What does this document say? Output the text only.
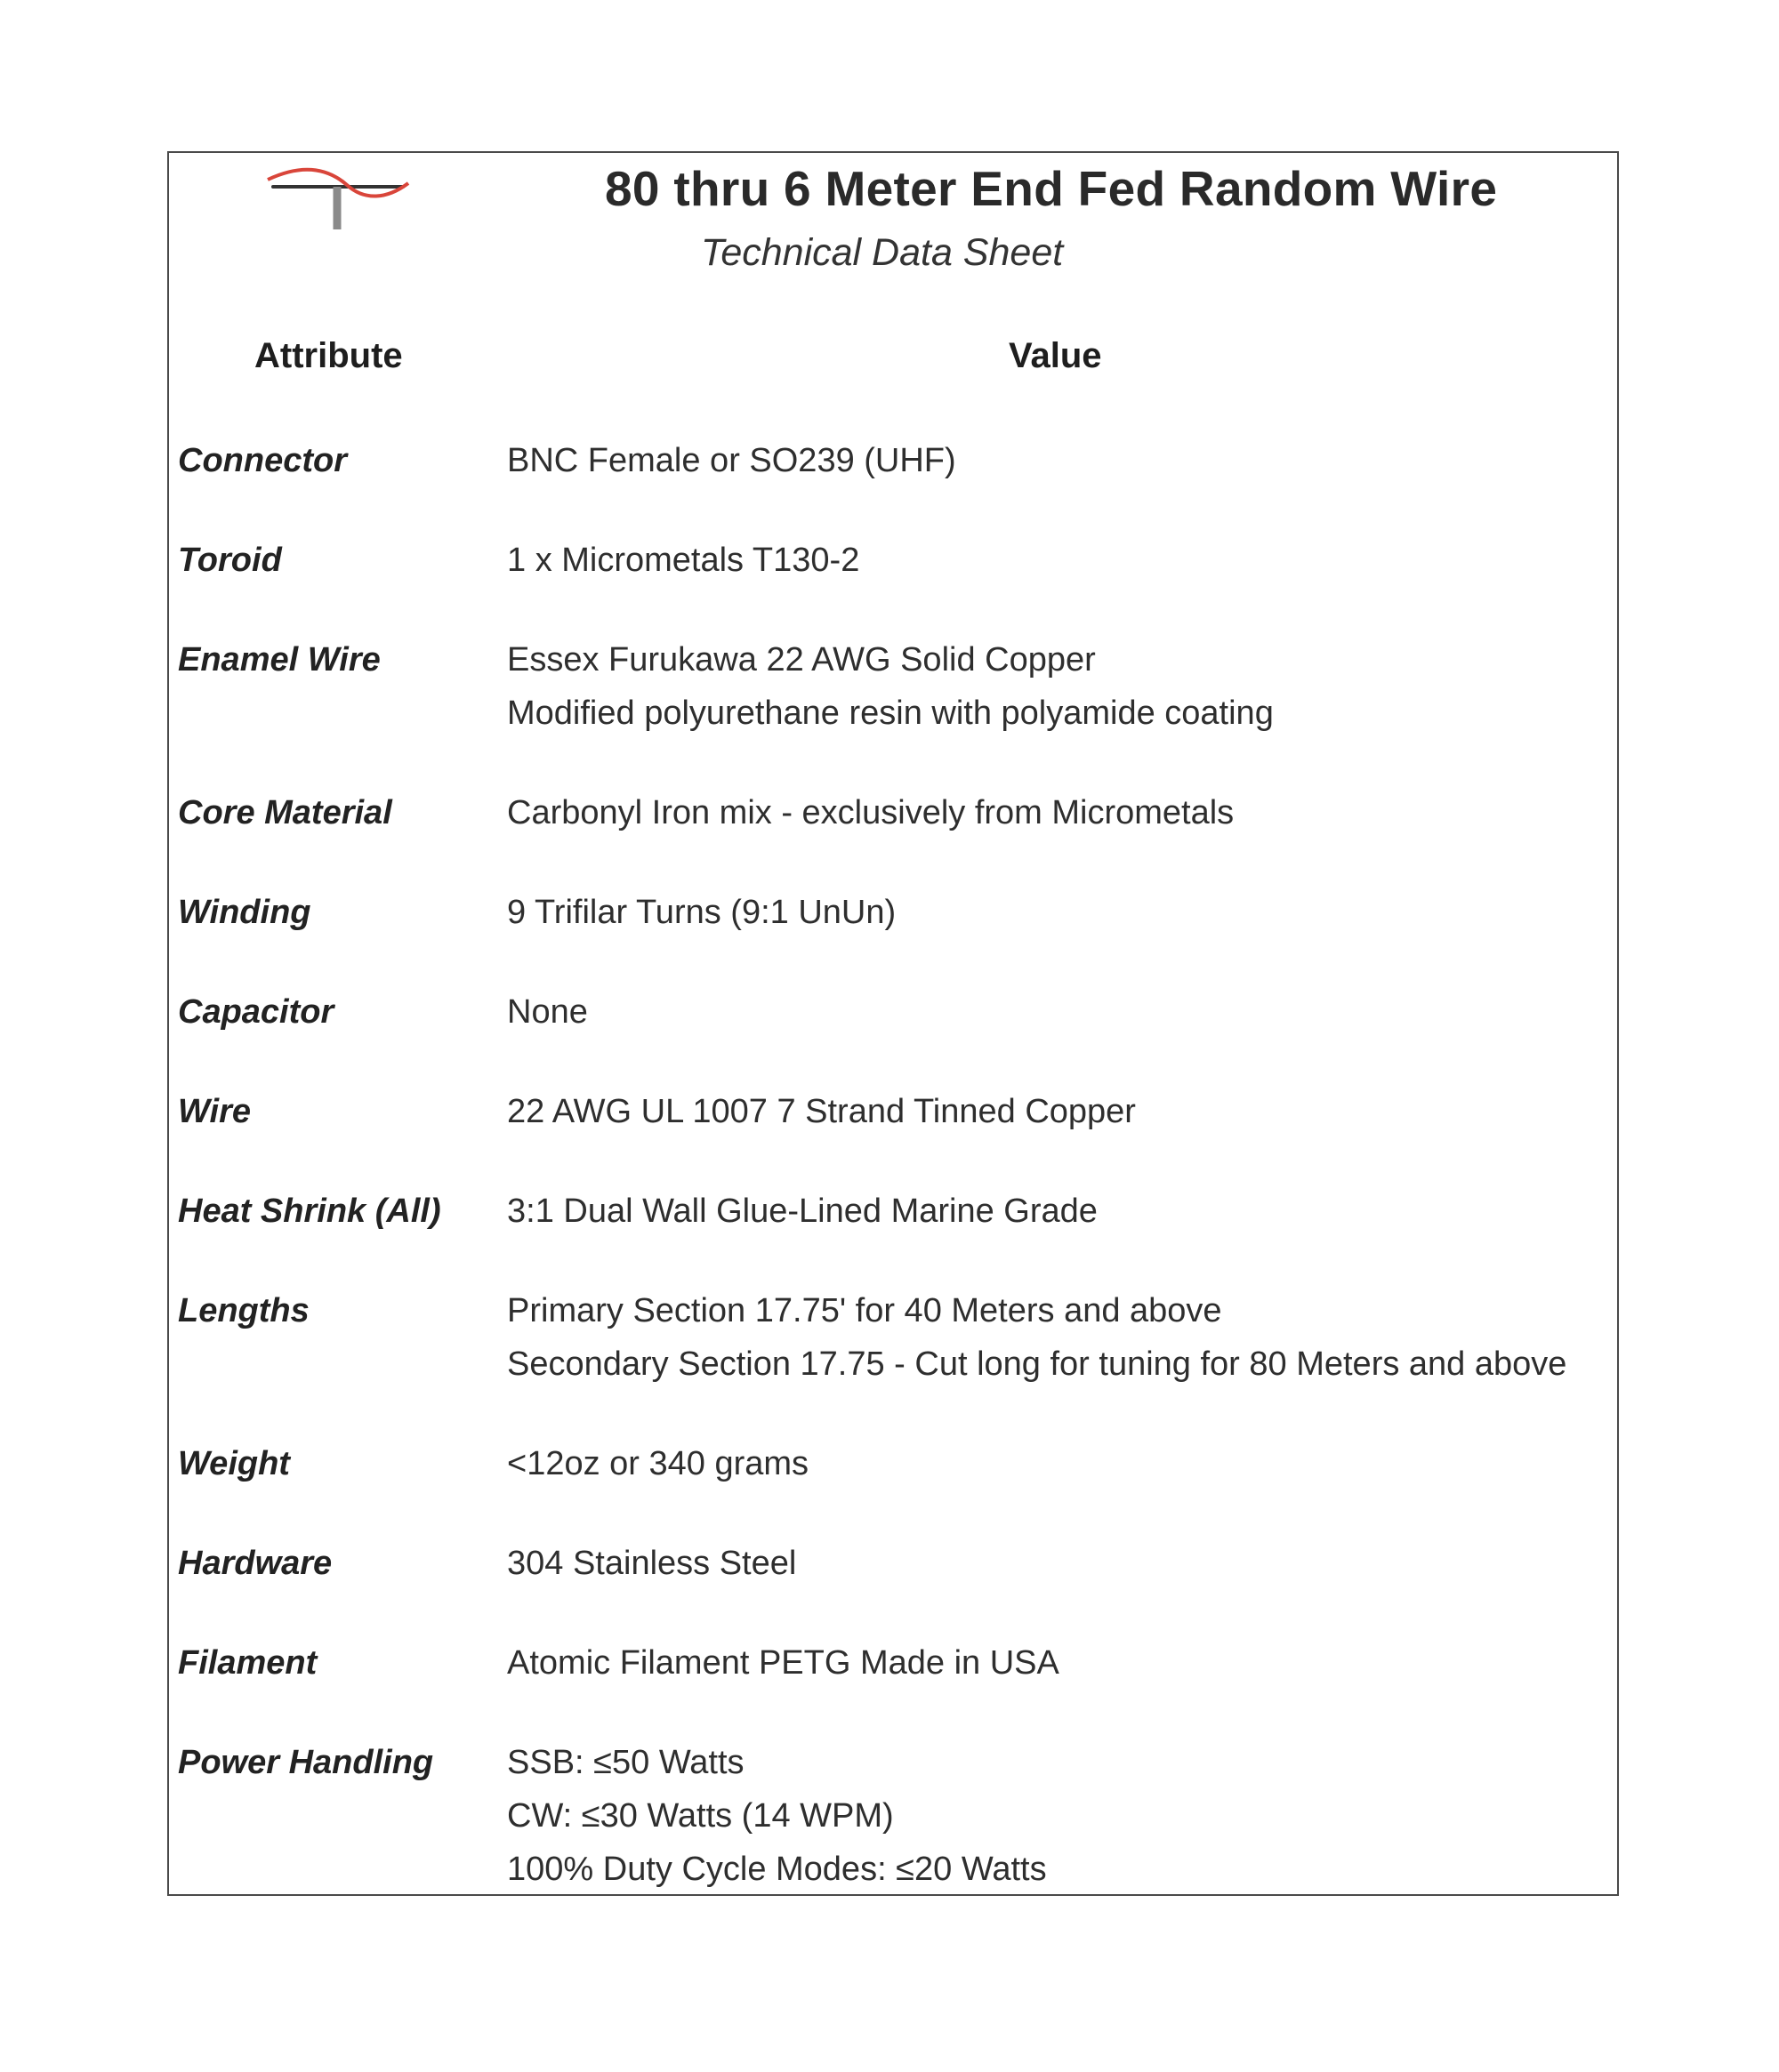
80 thru 6 Meter End Fed Random Wire
Technical Data Sheet
Attribute	Value
Connector	BNC Female or SO239 (UHF)
Toroid	1 x Micrometals T130-2
Enamel Wire	Essex Furukawa 22 AWG Solid Copper
Modified polyurethane resin with polyamide coating
Core Material	Carbonyl Iron mix - exclusively from Micrometals
Winding	9 Trifilar Turns (9:1 UnUn)
Capacitor	None
Wire	22 AWG UL 1007 7 Strand Tinned Copper
Heat Shrink (All)	3:1 Dual Wall Glue-Lined Marine Grade
Lengths	Primary Section 17.75' for 40 Meters and above
Secondary Section 17.75 - Cut long for tuning for 80 Meters and above
Weight	<12oz or 340 grams
Hardware	304 Stainless Steel
Filament	Atomic Filament PETG Made in USA
Power Handling	SSB: ≤50 Watts
CW: ≤30 Watts (14 WPM)
100% Duty Cycle Modes: ≤20 Watts
